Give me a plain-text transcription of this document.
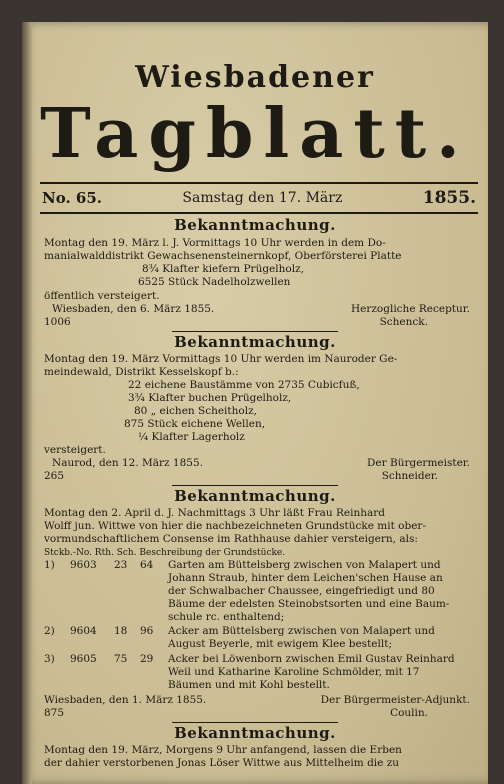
Wiesbadener
Tagblatt.
No. 65.	Samstag den 17. März	1855.
Bekanntmachung.
Montag den 19. März l. J. Vormittags 10 Uhr werden in dem Do-
manialwalddistrikt Gewachsenensteinernkopf, Oberförsterei Platte
8¾ Klafter kiefern Prügelholz,
6525 Stück Nadelholzwellen
öffentlich versteigert.
Wiesbaden, den 6. März 1855.	Herzogliche Receptur.
1006	Schenck.
Bekanntmachung.
Montag den 19. März Vormittags 10 Uhr werden im Nauroder Ge-
meindewald, Distrikt Kesselskopf b.:
22 eichene Baustämme von 2735 Cubicfuß,
3¾ Klafter buchen Prügelholz,
80 „ eichen Scheitholz,
875 Stück eichene Wellen,
¼ Klafter Lagerholz
versteigert.
Naurod, den 12. März 1855.	Der Bürgermeister.
265	Schneider.
Bekanntmachung.
Montag den 2. April d. J. Nachmittags 3 Uhr läßt Frau Reinhard
Wolff jun. Wittwe von hier die nachbezeichneten Grundstücke mit ober-
vormundschaftlichem Consense im Rathhause dahier versteigern, als:
Stckb.-No. Rth. Sch. Beschreibung der Grundstücke.
1) 9603 23 64 Garten am Büttelsberg zwischen von Malapert und
Johann Straub, hinter dem Leichen'schen Hause an
der Schwalbacher Chaussee, eingefriedigt und 80
Bäume der edelsten Steinobstsorten und eine Baum-
schule rc. enthaltend;
2) 9604 18 96 Acker am Büttelsberg zwischen von Malapert und
August Beyerle, mit ewigem Klee bestellt;
3) 9605 75 29 Acker bei Löwenborn zwischen Emil Gustav Reinhard
Weil und Katharine Karoline Schmölder, mit 17
Bäumen und mit Kohl bestellt.
Wiesbaden, den 1. März 1855.	Der Bürgermeister-Adjunkt.
875	Coulin.
Bekanntmachung.
Montag den 19. März, Morgens 9 Uhr anfangend, lassen die Erben
der dahier verstorbenen Jonas Löser Wittwe aus Mittelheim die zu
